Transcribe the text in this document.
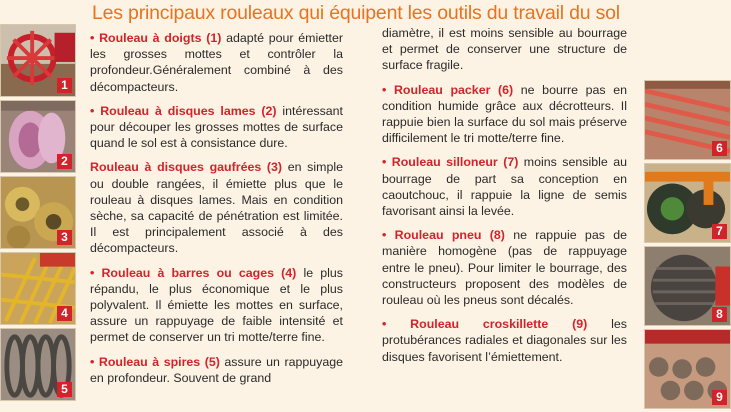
Les principaux rouleaux qui équipent les outils du travail du sol
1
2
3
4
5
6
7
8
9

• Rouleau à doigts (1) adapté pour émietter les grosses mottes et contrôler la profondeur.Généralement combiné à des décompacteurs.

• Rouleau à disques lames (2) intéressant pour découper les grosses mottes de surface quand le sol est à consistance dure.

Rouleau à disques gaufrées (3) en simple ou double rangées, il émiette plus que le rouleau à disques lames. Mais en condition sèche, sa capacité de pénétration est limitée. Il est principalement associé à des décompacteurs.

• Rouleau à barres ou cages (4) le plus répandu, le plus économique et le plus polyvalent. Il émiette les mottes en surface, assure un rappuyage de faible intensité et permet de conserver un tri motte/terre fine.

• Rouleau à spires (5) assure un rappuyage en profondeur. Souvent de grand

diamètre, il est moins sensible au bourrage et permet de conserver une structure de surface fragile.

• Rouleau packer (6) ne bourre pas en condition humide grâce aux décrotteurs. Il rappuie bien la surface du sol mais préserve difficilement le tri motte/terre fine.

• Rouleau silloneur (7) moins sensible au bourrage de part sa conception en caoutchouc, il rappuie la ligne de semis favorisant ainsi la levée.

• Rouleau pneu (8) ne rappuie pas de manière homogène (pas de rappuyage entre le pneu). Pour limiter le bourrage, des constructeurs proposent des modèles de rouleau où les pneus sont décalés.

• Rouleau croskillette (9) les protubérances radiales et diagonales sur les disques favorisent l’émiettement.
